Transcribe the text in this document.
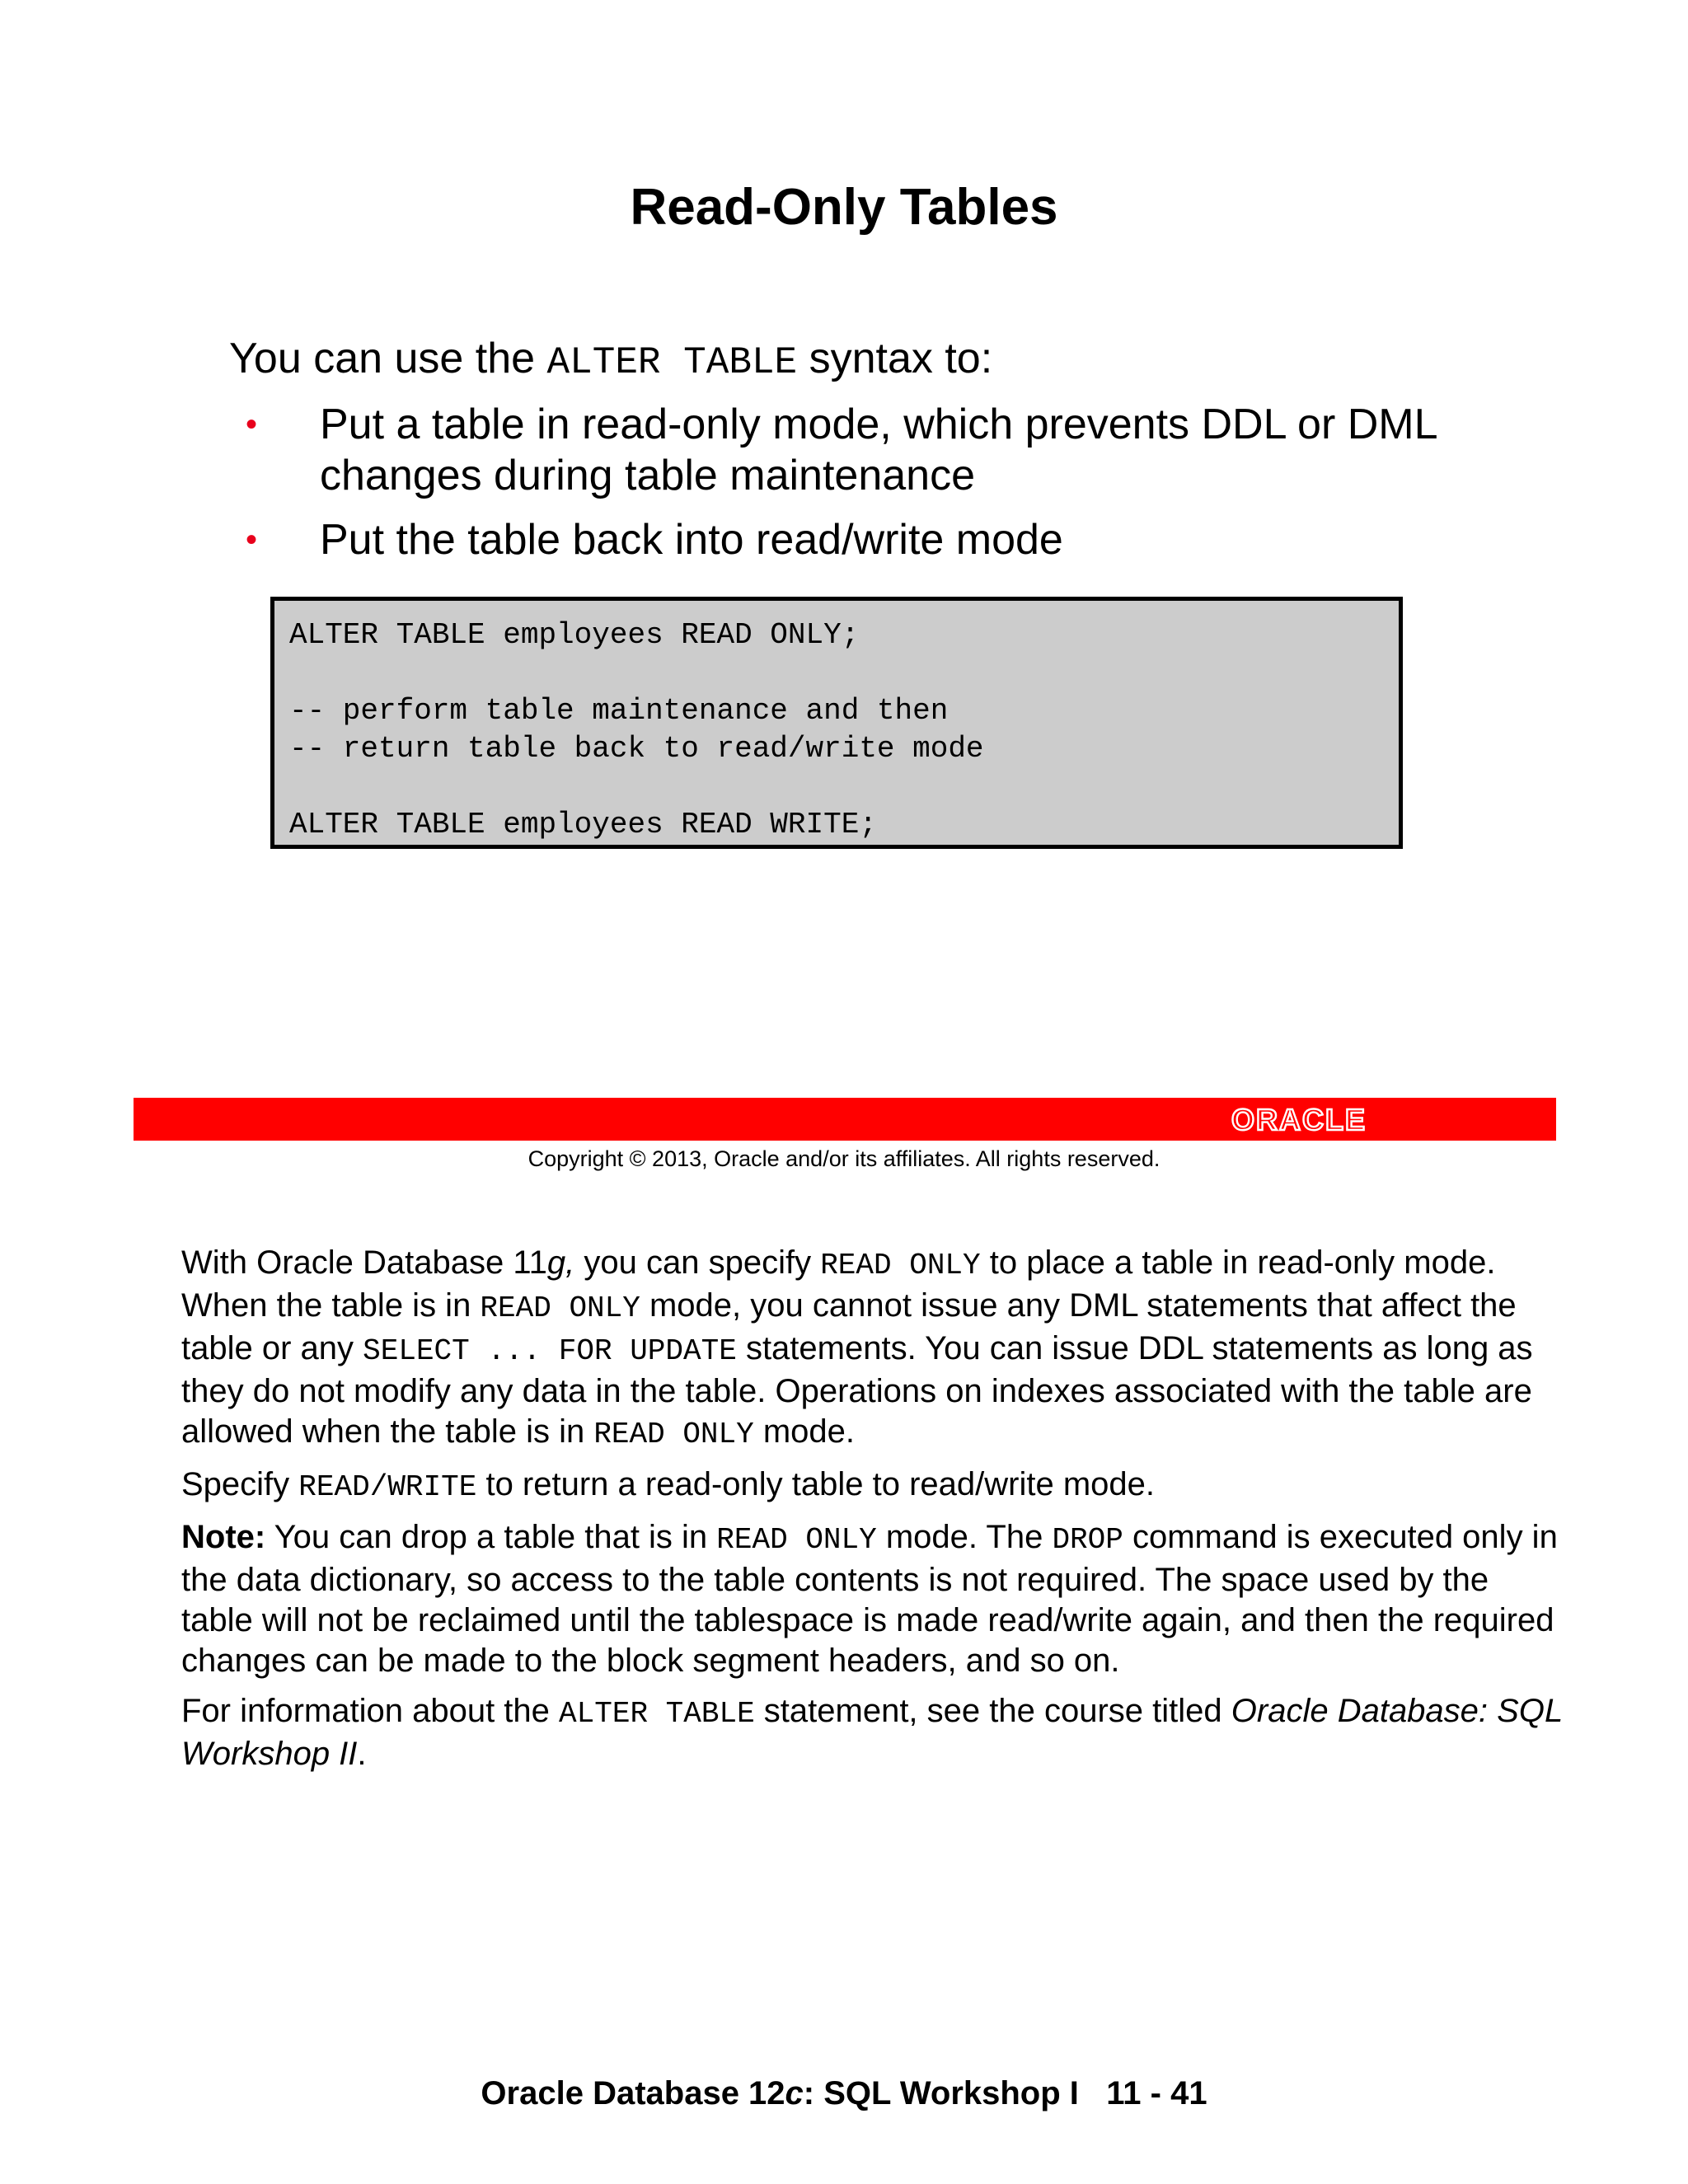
Read-Only Tables
You can use the ALTER TABLE syntax to:
• Put a table in read-only mode, which prevents DDL or DML changes during table maintenance
• Put the table back into read/write mode
ALTER TABLE employees READ ONLY;
-- perform table maintenance and then
-- return table back to read/write mode
ALTER TABLE employees READ WRITE;
ORACLE
Copyright © 2013, Oracle and/or its affiliates. All rights reserved.

With Oracle Database 11g, you can specify READ ONLY to place a table in read-only mode. When the table is in READ ONLY mode, you cannot issue any DML statements that affect the table or any SELECT ... FOR UPDATE statements. You can issue DDL statements as long as they do not modify any data in the table. Operations on indexes associated with the table are allowed when the table is in READ ONLY mode.

Specify READ/WRITE to return a read-only table to read/write mode.

Note: You can drop a table that is in READ ONLY mode. The DROP command is executed only in the data dictionary, so access to the table contents is not required. The space used by the table will not be reclaimed until the tablespace is made read/write again, and then the required changes can be made to the block segment headers, and so on.

For information about the ALTER TABLE statement, see the course titled Oracle Database: SQL Workshop II.

Oracle Database 12c: SQL Workshop I 11 - 41
